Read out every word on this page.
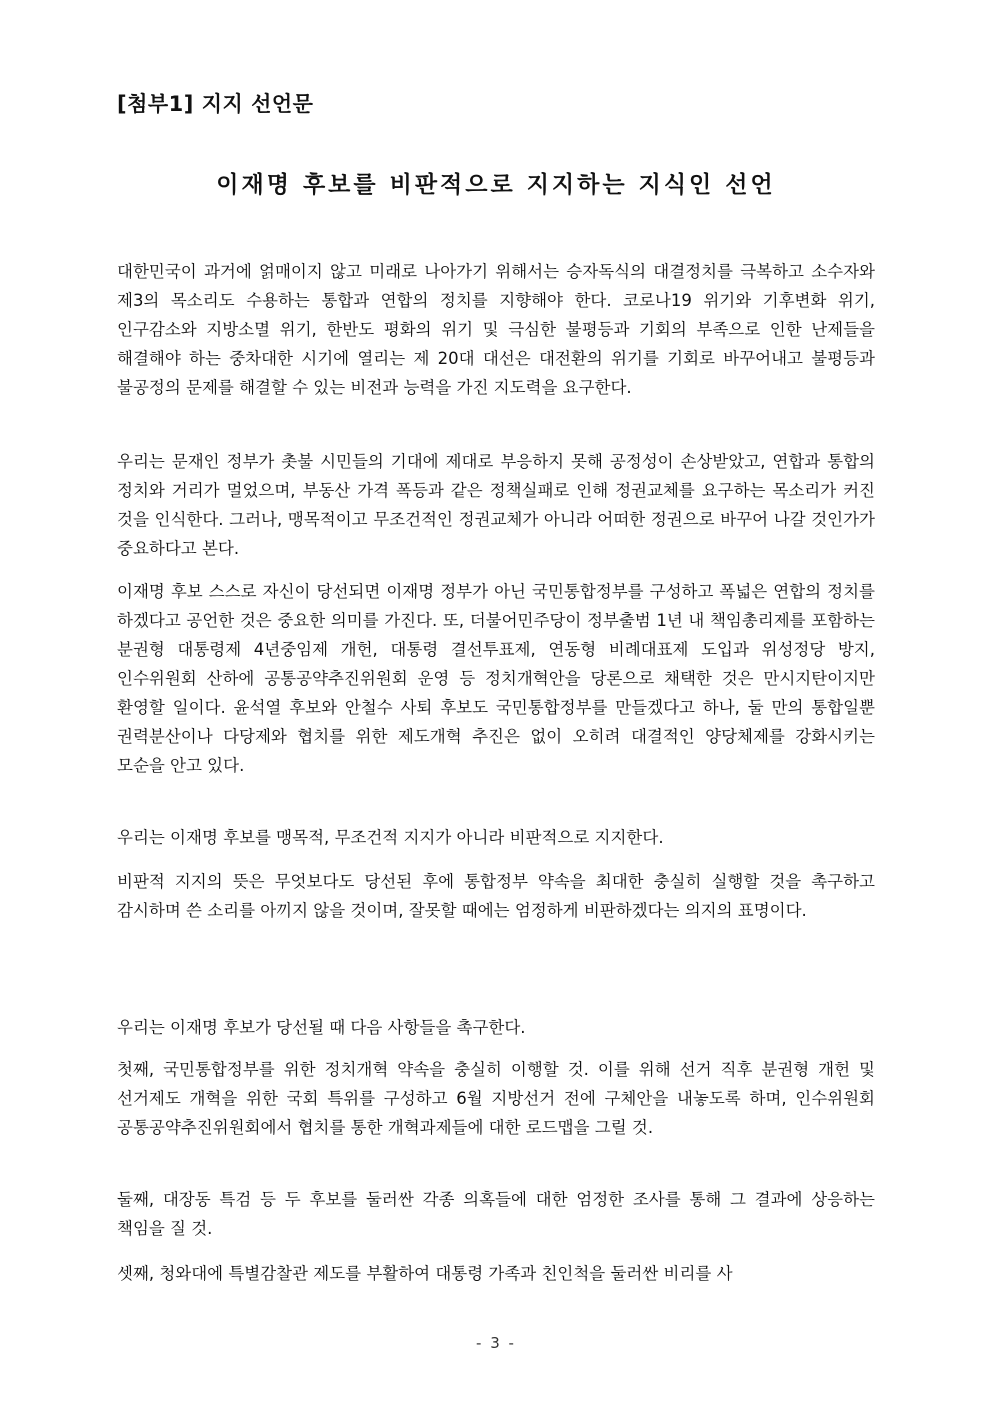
[첨부1] 지지 선언문
이재명 후보를 비판적으로 지지하는 지식인 선언

대한민국이 과거에 얽매이지 않고 미래로 나아가기 위해서는 승자독식의 대결정치를 극복하고 소수자와 제3의 목소리도 수용하는 통합과 연합의 정치를 지향해야 한다. 코로나19 위기와 기후변화 위기, 인구감소와 지방소멸 위기, 한반도 평화의 위기 및 극심한 불평등과 기회의 부족으로 인한 난제들을 해결해야 하는 중차대한 시기에 열리는 제 20대 대선은 대전환의 위기를 기회로 바꾸어내고 불평등과 불공정의 문제를 해결할 수 있는 비전과 능력을 가진 지도력을 요구한다.

우리는 문재인 정부가 촛불 시민들의 기대에 제대로 부응하지 못해 공정성이 손상받았고, 연합과 통합의 정치와 거리가 멀었으며, 부동산 가격 폭등과 같은 정책실패로 인해 정권교체를 요구하는 목소리가 커진 것을 인식한다. 그러나, 맹목적이고 무조건적인 정권교체가 아니라 어떠한 정권으로 바꾸어 나갈 것인가가 중요하다고 본다.

이재명 후보 스스로 자신이 당선되면 이재명 정부가 아닌 국민통합정부를 구성하고 폭넓은 연합의 정치를 하겠다고 공언한 것은 중요한 의미를 가진다. 또, 더불어민주당이 정부출범 1년 내 책임총리제를 포함하는 분권형 대통령제 4년중임제 개헌, 대통령 결선투표제, 연동형 비례대표제 도입과 위성정당 방지, 인수위원회 산하에 공통공약추진위원회 운영 등 정치개혁안을 당론으로 채택한 것은 만시지탄이지만 환영할 일이다. 윤석열 후보와 안철수 사퇴 후보도 국민통합정부를 만들겠다고 하나, 둘 만의 통합일뿐 권력분산이나 다당제와 협치를 위한 제도개혁 추진은 없이 오히려 대결적인 양당체제를 강화시키는 모순을 안고 있다.

우리는 이재명 후보를 맹목적, 무조건적 지지가 아니라 비판적으로 지지한다.

비판적 지지의 뜻은 무엇보다도 당선된 후에 통합정부 약속을 최대한 충실히 실행할 것을 촉구하고 감시하며 쓴 소리를 아끼지 않을 것이며, 잘못할 때에는 엄정하게 비판하겠다는 의지의 표명이다.

우리는 이재명 후보가 당선될 때 다음 사항들을 촉구한다.

첫째, 국민통합정부를 위한 정치개혁 약속을 충실히 이행할 것. 이를 위해 선거 직후 분권형 개헌 및 선거제도 개혁을 위한 국회 특위를 구성하고 6월 지방선거 전에 구체안을 내놓도록 하며, 인수위원회 공통공약추진위원회에서 협치를 통한 개혁과제들에 대한 로드맵을 그릴 것.

둘째, 대장동 특검 등 두 후보를 둘러싼 각종 의혹들에 대한 엄정한 조사를 통해 그 결과에 상응하는 책임을 질 것.

셋째, 청와대에 특별감찰관 제도를 부활하여 대통령 가족과 친인척을 둘러싼 비리를 사

- 3 -
